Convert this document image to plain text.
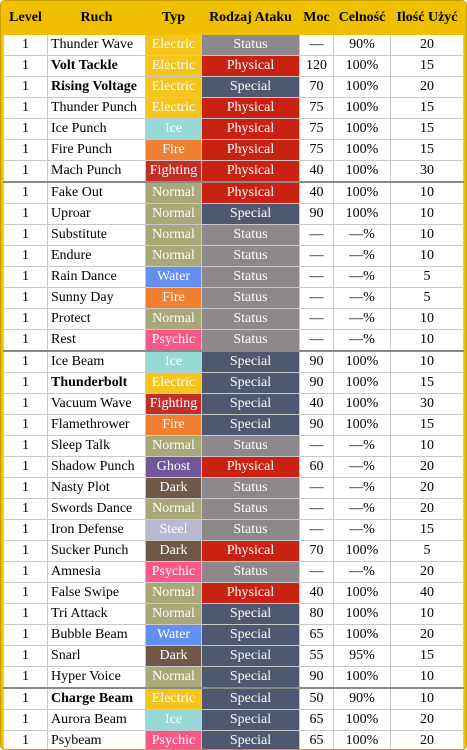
Level	Ruch	Typ	Rodzaj Ataku	Moc	Celność	Ilość Użyć
1	Thunder Wave	Electric	Status	—	90%	20
1	Volt Tackle	Electric	Physical	120	100%	15
1	Rising Voltage	Electric	Special	70	100%	20
1	Thunder Punch	Electric	Physical	75	100%	15
1	Ice Punch	Ice	Physical	75	100%	15
1	Fire Punch	Fire	Physical	75	100%	15
1	Mach Punch	Fighting	Physical	40	100%	30
1	Fake Out	Normal	Physical	40	100%	10
1	Uproar	Normal	Special	90	100%	10
1	Substitute	Normal	Status	—	—%	10
1	Endure	Normal	Status	—	—%	10
1	Rain Dance	Water	Status	—	—%	5
1	Sunny Day	Fire	Status	—	—%	5
1	Protect	Normal	Status	—	—%	10
1	Rest	Psychic	Status	—	—%	10
1	Ice Beam	Ice	Special	90	100%	10
1	Thunderbolt	Electric	Special	90	100%	15
1	Vacuum Wave	Fighting	Special	40	100%	30
1	Flamethrower	Fire	Special	90	100%	15
1	Sleep Talk	Normal	Status	—	—%	10
1	Shadow Punch	Ghost	Physical	60	—%	20
1	Nasty Plot	Dark	Status	—	—%	20
1	Swords Dance	Normal	Status	—	—%	20
1	Iron Defense	Steel	Status	—	—%	15
1	Sucker Punch	Dark	Physical	70	100%	5
1	Amnesia	Psychic	Status	—	—%	20
1	False Swipe	Normal	Physical	40	100%	40
1	Tri Attack	Normal	Special	80	100%	10
1	Bubble Beam	Water	Special	65	100%	20
1	Snarl	Dark	Special	55	95%	15
1	Hyper Voice	Normal	Special	90	100%	10
1	Charge Beam	Electric	Special	50	90%	10
1	Aurora Beam	Ice	Special	65	100%	20
1	Psybeam	Psychic	Special	65	100%	20
